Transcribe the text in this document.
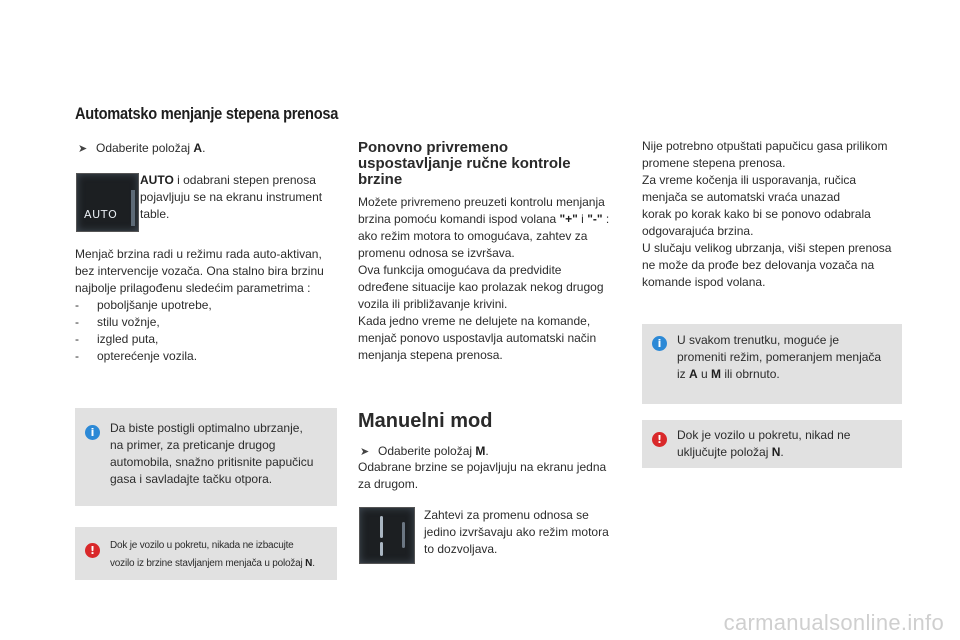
Automatsko menjanje stepena prenosa
➤ Odaberite položaj A.
AUTO
AUTO i odabrani stepen prenosa
pojavljuju se na ekranu instrument
table.
Menjač brzina radi u režimu rada auto-aktivan,
bez intervencije vozača. Ona stalno bira brzinu
najbolje prilagođenu sledećim parametrima :
- poboljšanje upotrebe,
- stilu vožnje,
- izgled puta,
- opterećenje vozila.
i	Da biste postigli optimalno ubrzanje,
na primer, za preticanje drugog
automobila, snažno pritisnite papučicu
gasa i savladajte tačku otpora.
!	Dok je vozilo u pokretu, nikada ne izbacujte
vozilo iz brzine stavljanjem menjača u položaj N.
Ponovno privremeno
uspostavljanje ručne kontrole
brzine
Možete privremeno preuzeti kontrolu menjanja
brzina pomoću komandi ispod volana "+" i "-" :
ako režim motora to omogućava, zahtev za
promenu odnosa se izvršava.
Ova funkcija omogućava da predvidite
određene situacije kao prolazak nekog drugog
vozila ili približavanje krivini.
Kada jedno vreme ne delujete na komande,
menjač ponovo uspostavlja automatski način
menjanja stepena prenosa.
Manuelni mod
➤ Odaberite položaj M.
Odabrane brzine se pojavljuju na ekranu jedna
za drugom.
Zahtevi za promenu odnosa se
jedino izvršavaju ako režim motora
to dozvoljava.
Nije potrebno otpuštati papučicu gasa prilikom
promene stepena prenosa.
Za vreme kočenja ili usporavanja, ručica
menjača se automatski vraća unazad
korak po korak kako bi se ponovo odabrala
odgovarajuća brzina.
U slučaju velikog ubrzanja, viši stepen prenosa
ne može da prođe bez delovanja vozača na
komande ispod volana.
i	U svakom trenutku, moguće je
promeniti režim, pomeranjem menjača
iz A u M ili obrnuto.
!	Dok je vozilo u pokretu, nikad ne
uključujte položaj N.
carmanualsonline.info
